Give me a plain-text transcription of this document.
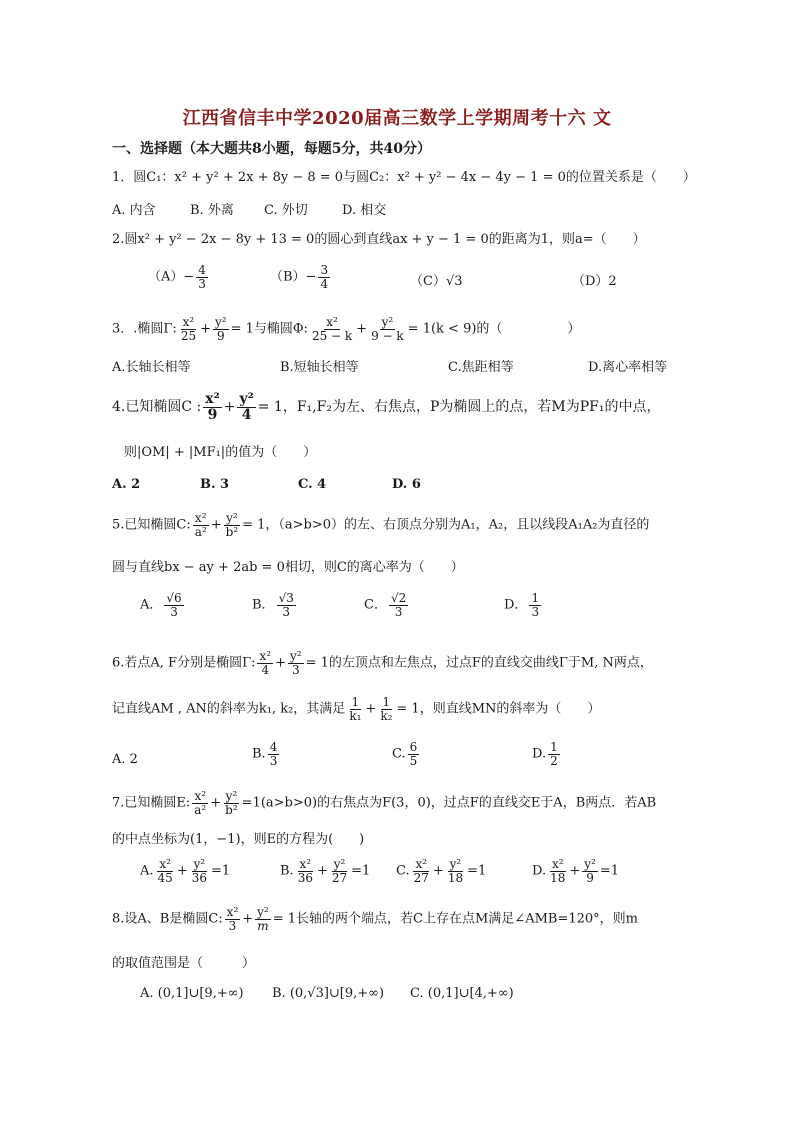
江西省信丰中学2020届高三数学上学期周考十六 文
一、选择题（本大题共8小题，每题5分，共40分）
1．圆C₁：x² + y² + 2x + 8y − 8 = 0与圆C₂：x² + y² − 4x − 4y − 1 = 0的位置关系是（　　）
A. 内含	B. 外离 C. 外切	D. 相交
2.圆x² + y² − 2x − 8y + 13 = 0的圆心到直线ax + y − 1 = 0的距离为1，则a=（　　）
$(A)- \frac{4}{3}$	$(B)- \frac{3}{4}$	（C）√3	（D）2
3．.椭圆Γ: $\frac{\text{x²}}{25} + \frac{\text{y²}}{9} = 1$与椭圆Φ: $\frac{\text{x²}}{25 - k} + \frac{\text{y²}}{9 - k} = 1(k < 9)$的（　　　　　）
A.长轴长相等	B.短轴长相等	C.焦距相等	D.离心率相等
4.已知椭圆C : $\frac{\text{x²}}{9} + \frac{\text{y²}}{4} = 1$，F₁,F₂为左、右焦点，P为椭圆上的点，若M为PF₁的中点，
则|OM| + |MF₁|的值为（　　）
A. 2	B. 3	C. 4	D. 6
5.已知椭圆C: $\frac{\text{x²}}{\text{a²}} + \frac{\text{y²}}{\text{b²}} = 1$，（a>b>0）的左、右顶点分别为A₁，A₂，且以线段A₁A₂为直径的
圆与直线bx − ay + 2ab = 0相切，则C的离心率为（　　）
A． $\frac{√6}{3}$	B． $\frac{√3}{3}$	C． $\frac{√2}{3}$	D． $\frac{1}{3}$
6.若点A, F分别是椭圆Γ: $\frac{\text{x²}}{4} + \frac{\text{y²}}{3} = 1$的左顶点和左焦点，过点F的直线交曲线Γ于M, N两点，
记直线AM , AN的斜率为k₁, k₂，其满足 $\frac{1}{\text{k₁}} + \frac{1}{\text{k₂}} = 1$，则直线MN的斜率为（　　）
A. 2	B. $\frac{4}{3}$	C. $\frac{6}{5}$	D. $\frac{1}{2}$
7.已知椭圆E: $\frac{\text{x²}}{\text{a²}} + \frac{\text{y²}}{\text{b²}} =1(a>b>0)$的右焦点为F(3，0)，过点F的直线交E于A，B两点．若AB
的中点坐标为(1，−1)，则E的方程为(　　)
A. $\frac{\text{x²}}{45} + \frac{\text{y²}}{36} =1$	B. $\frac{\text{x²}}{36} + \frac{\text{y²}}{27} =1$ C. $\frac{\text{x²}}{27} + \frac{\text{y²}}{18} =1$	D. $\frac{\text{x²}}{18} + \frac{\text{y²}}{9} =1$
8.设A、B是椭圆C: $\frac{\text{x²}}{3} + \frac{\text{y²}}{m} = 1$长轴的两个端点，若C上存在点M满足∠AMB=120°，则m
的取值范围是（　　　）
A. (0,1]∪[9,+∞) B. (0,√3]∪[9,+∞) C. (0,1]∪[4,+∞)
